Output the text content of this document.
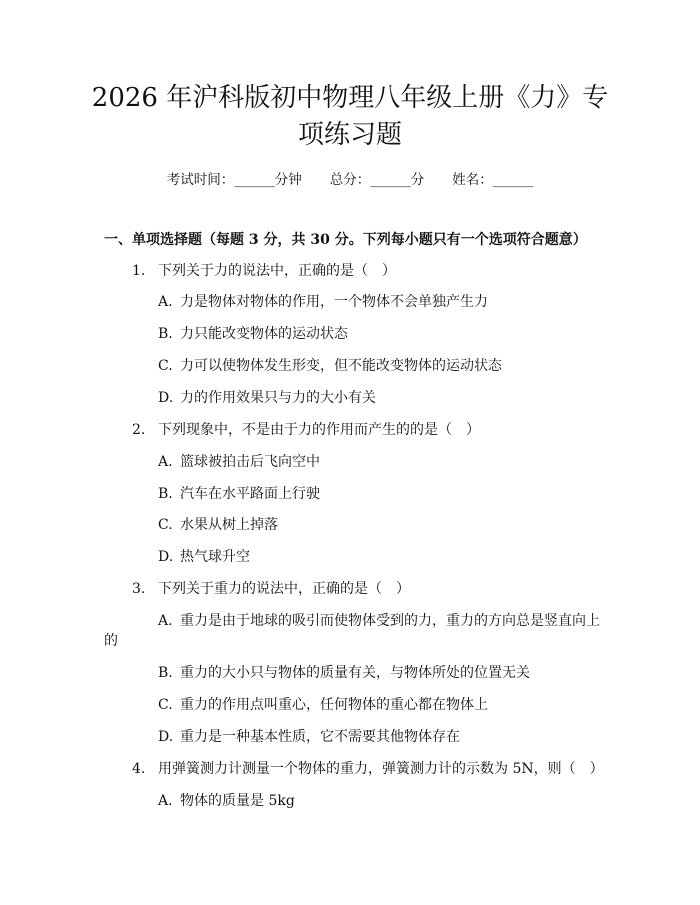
2026 年沪科版初中物理八年级上册《力》专
项练习题
考试时间：______分钟 总分：______分 姓名：______
一、单项选择题（每题 3 分，共 30 分。下列每小题只有一个选项符合题意）
1. 下列关于力的说法中，正确的是（　）
A. 力是物体对物体的作用，一个物体不会单独产生力
B. 力只能改变物体的运动状态
C. 力可以使物体发生形变，但不能改变物体的运动状态
D. 力的作用效果只与力的大小有关
2. 下列现象中，不是由于力的作用而产生的的是（　）
A. 篮球被拍击后飞向空中
B. 汽车在水平路面上行驶
C. 水果从树上掉落
D. 热气球升空
3. 下列关于重力的说法中，正确的是（　）
A. 重力是由于地球的吸引而使物体受到的力，重力的方向总是竖直向上
的
B. 重力的大小只与物体的质量有关，与物体所处的位置无关
C. 重力的作用点叫重心，任何物体的重心都在物体上
D. 重力是一种基本性质，它不需要其他物体存在
4. 用弹簧测力计测量一个物体的重力，弹簧测力计的示数为 5N，则（　）
A. 物体的质量是 5kg
